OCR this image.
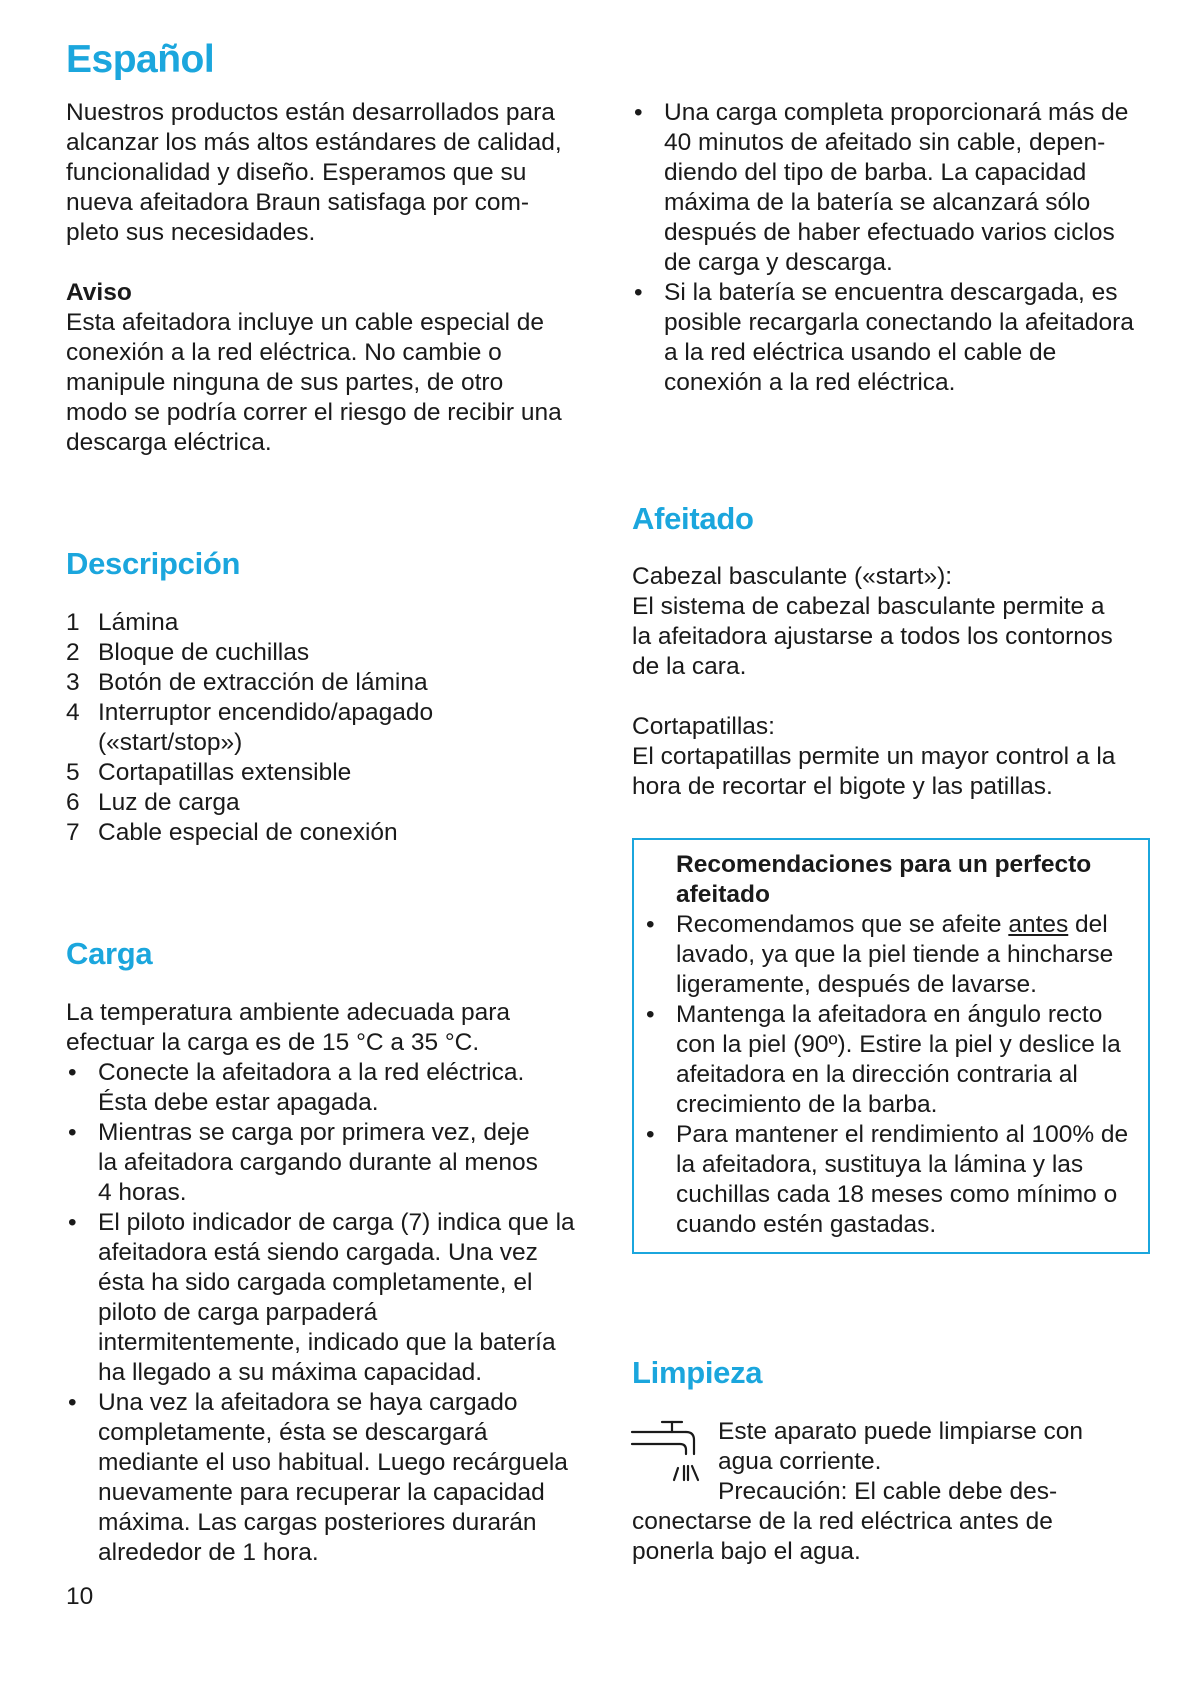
Español
Nuestros productos están desarrollados para
alcanzar los más altos estándares de calidad,
funcionalidad y diseño. Esperamos que su
nueva afeitadora Braun satisfaga por com-
pleto sus necesidades.
Aviso
Esta afeitadora incluye un cable especial de
conexión a la red eléctrica. No cambie o
manipule ninguna de sus partes, de otro
modo se podría correr el riesgo de recibir una
descarga eléctrica.
Descripción
1 Lámina
2 Bloque de cuchillas
3 Botón de extracción de lámina
4 Interruptor encendido/apagado
(«start/stop»)
5 Cortapatillas extensible
6 Luz de carga
7 Cable especial de conexión
Carga
La temperatura ambiente adecuada para
efectuar la carga es de 15 °C a 35 °C.
• Conecte la afeitadora a la red eléctrica.
Ésta debe estar apagada.
• Mientras se carga por primera vez, deje
la afeitadora cargando durante al menos
4 horas.
• El piloto indicador de carga (7) indica que la
afeitadora está siendo cargada. Una vez
ésta ha sido cargada completamente, el
piloto de carga parpaderá
intermitentemente, indicado que la batería
ha llegado a su máxima capacidad.
• Una vez la afeitadora se haya cargado
completamente, ésta se descargará
mediante el uso habitual. Luego recárguela
nuevamente para recuperar la capacidad
máxima. Las cargas posteriores durarán
alrededor de 1 hora.
10
• Una carga completa proporcionará más de
40 minutos de afeitado sin cable, depen-
diendo del tipo de barba. La capacidad
máxima de la batería se alcanzará sólo
después de haber efectuado varios ciclos
de carga y descarga.
• Si la batería se encuentra descargada, es
posible recargarla conectando la afeitadora
a la red eléctrica usando el cable de
conexión a la red eléctrica.
Afeitado
Cabezal basculante («start»):
El sistema de cabezal basculante permite a
la afeitadora ajustarse a todos los contornos
de la cara.
Cortapatillas:
El cortapatillas permite un mayor control a la
hora de recortar el bigote y las patillas.
Recomendaciones para un perfecto
afeitado
• Recomendamos que se afeite antes del
lavado, ya que la piel tiende a hincharse
ligeramente, después de lavarse.
• Mantenga la afeitadora en ángulo recto
con la piel (90º). Estire la piel y deslice la
afeitadora en la dirección contraria al
crecimiento de la barba.
• Para mantener el rendimiento al 100% de
la afeitadora, sustituya la lámina y las
cuchillas cada 18 meses como mínimo o
cuando estén gastadas.
Limpieza
Este aparato puede limpiarse con
agua corriente.
Precaución: El cable debe des-
conectarse de la red eléctrica antes de
ponerla bajo el agua.
